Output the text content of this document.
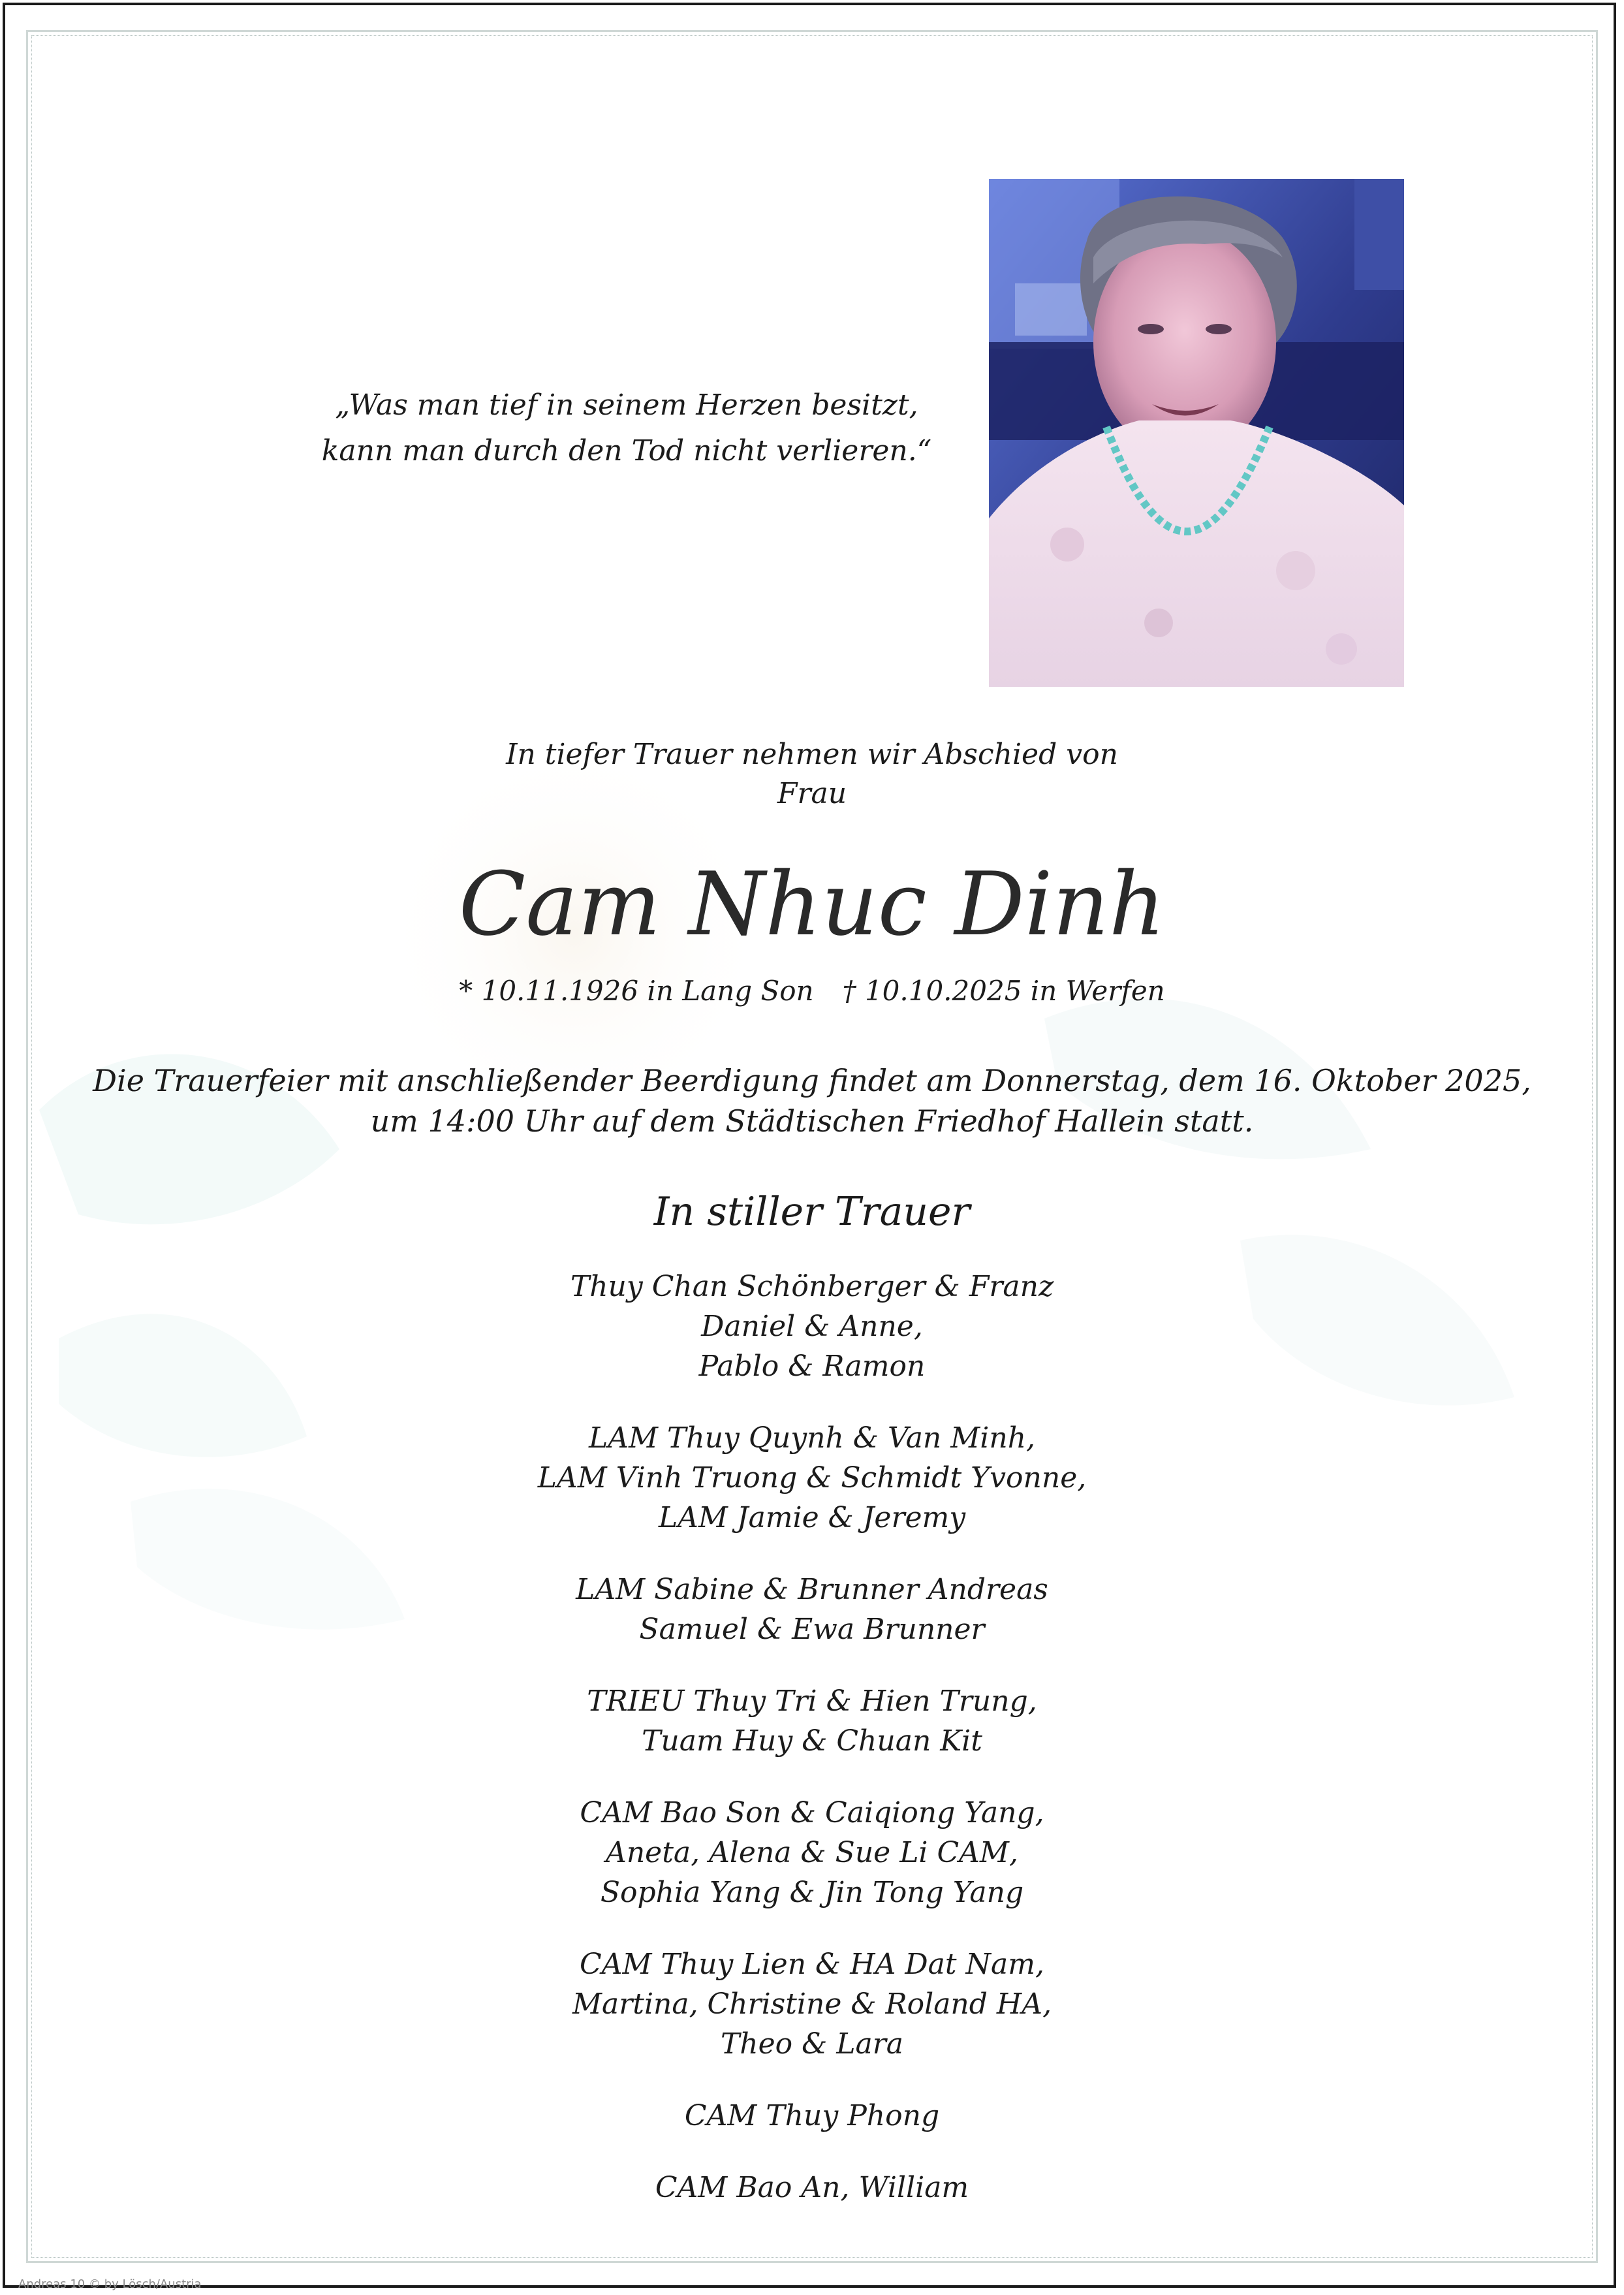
„Was man tief in seinem Herzen besitzt,
kann man durch den Tod nicht verlieren.“
In tiefer Trauer nehmen wir Abschied von
Frau
Cam Nhuc Dinh
* 10.11.1926 in Lang Son † 10.10.2025 in Werfen
Die Trauerfeier mit anschließender Beerdigung findet am Donnerstag, dem 16. Oktober 2025,
um 14:00 Uhr auf dem Städtischen Friedhof Hallein statt.
In stiller Trauer
Thuy Chan Schönberger & Franz
Daniel & Anne,
Pablo & Ramon
LAM Thuy Quynh & Van Minh,
LAM Vinh Truong & Schmidt Yvonne,
LAM Jamie & Jeremy
LAM Sabine & Brunner Andreas
Samuel & Ewa Brunner
TRIEU Thuy Tri & Hien Trung,
Tuam Huy & Chuan Kit
CAM Bao Son & Caiqiong Yang,
Aneta, Alena & Sue Li CAM,
Sophia Yang & Jin Tong Yang
CAM Thuy Lien & HA Dat Nam,
Martina, Christine & Roland HA,
Theo & Lara
CAM Thuy Phong
CAM Bao An, William
Andreas 10 © by Lösch/Austria
